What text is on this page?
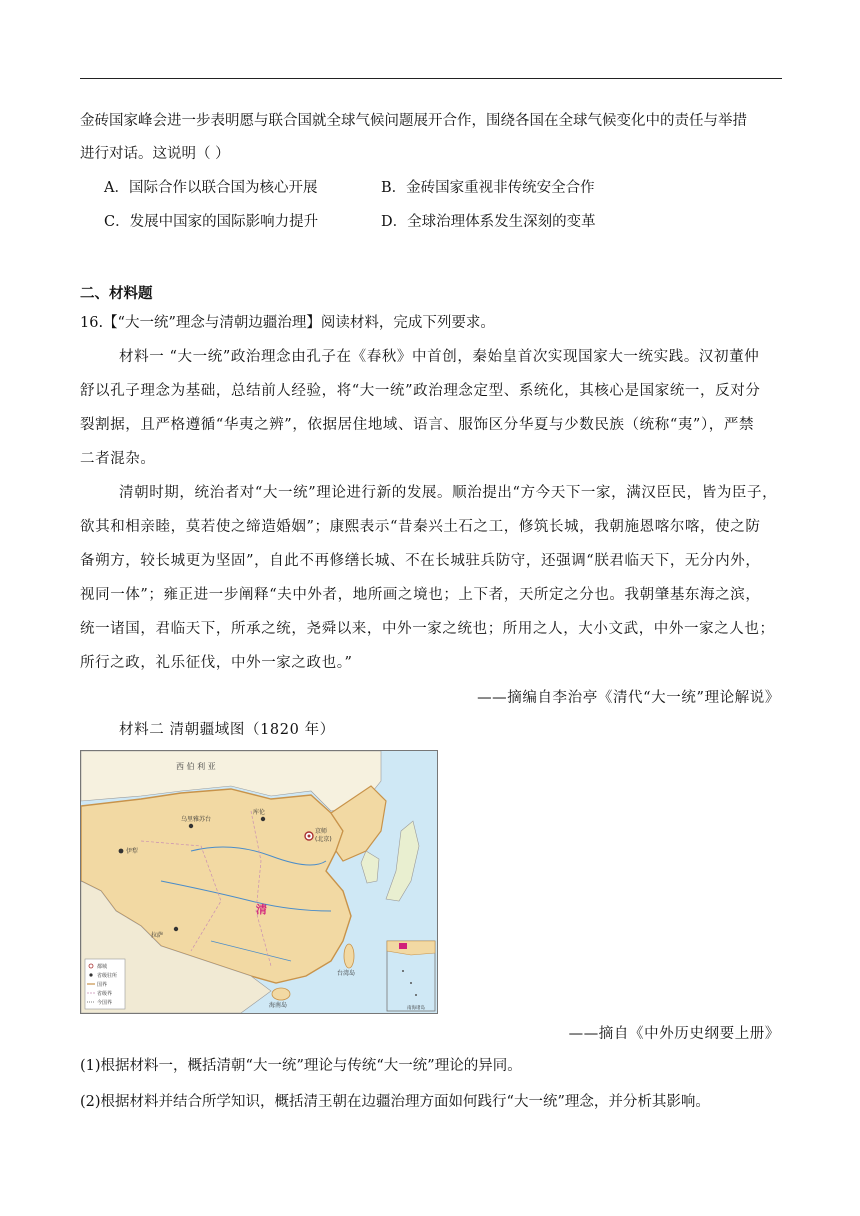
金砖国家峰会进一步表明愿与联合国就全球气候问题展开合作，围绕各国在全球气候变化中的责任与举措
进行对话。这说明（ ）
A．国际合作以联合国为核心开展	B．金砖国家重视非传统安全合作
C．发展中国家的国际影响力提升	D．全球治理体系发生深刻的变革
二、材料题
16.【“大一统”理念与清朝边疆治理】阅读材料，完成下列要求。
材料一 “大一统”政治理念由孔子在《春秋》中首创，秦始皇首次实现国家大一统实践。汉初董仲
舒以孔子理念为基础，总结前人经验，将“大一统”政治理念定型、系统化，其核心是国家统一，反对分
裂割据，且严格遵循“华夷之辨”，依据居住地域、语言、服饰区分华夏与少数民族（统称“夷”），严禁
二者混杂。
清朝时期，统治者对“大一统”理论进行新的发展。顺治提出“方今天下一家，满汉臣民，皆为臣子，
欲其和相亲睦，莫若使之缔造婚姻”；康熙表示“昔秦兴土石之工，修筑长城，我朝施恩喀尔喀，使之防
备朔方，较长城更为坚固”，自此不再修缮长城、不在长城驻兵防守，还强调“朕君临天下，无分内外，
视同一体”；雍正进一步阐释“夫中外者，地所画之境也；上下者，天所定之分也。我朝肇基东海之滨，
统一诸国，君临天下，所承之统，尧舜以来，中外一家之统也；所用之人，大小文武，中外一家之人也；
所行之政，礼乐征伐，中外一家之政也。”
——摘编自李治亭《清代“大一统”理论解说》
材料二 清朝疆域图（1820 年）
西 伯 利 亚
清
京师
(北京)
伊犁
乌里雅苏台
库伦
拉萨
台湾岛
海南岛
都城
省级驻所
国界
省级界
今国界
南海诸岛
——摘自《中外历史纲要上册》
(1)根据材料一，概括清朝“大一统”理论与传统“大一统”理论的异同。
(2)根据材料并结合所学知识，概括清王朝在边疆治理方面如何践行“大一统”理念，并分析其影响。
